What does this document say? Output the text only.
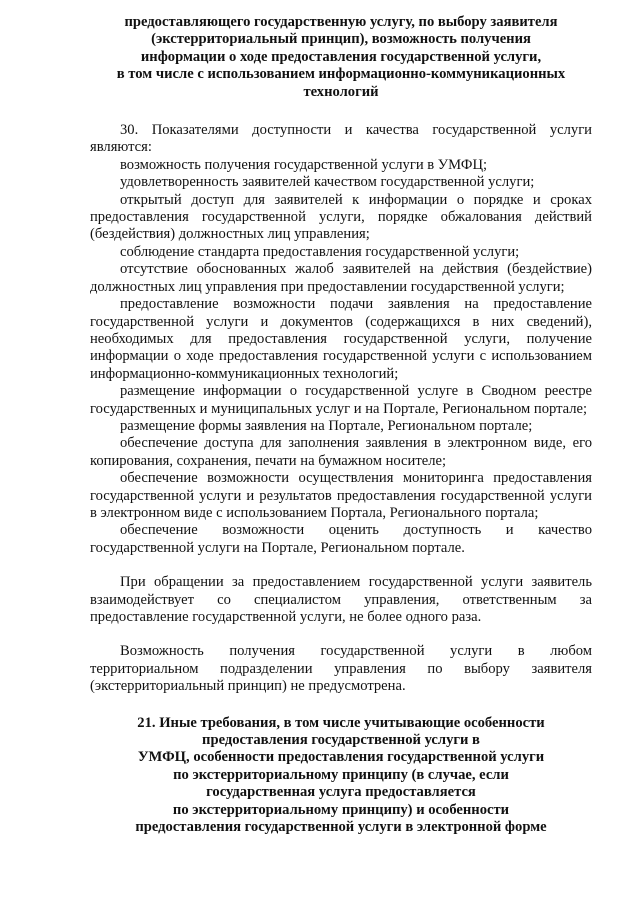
предоставляющего государственную услугу, по выбору заявителя
(экстерриториальный принцип), возможность получения
информации о ходе предоставления государственной услуги,
в том числе с использованием информационно-коммуникационных
технологий

30. Показателями доступности и качества государственной услуги являются:

возможность получения государственной услуги в УМФЦ;

удовлетворенность заявителей качеством государственной услуги;

открытый доступ для заявителей к информации о порядке и сроках предоставления государственной услуги, порядке обжалования действий (бездействия) должностных лиц управления;

соблюдение стандарта предоставления государственной услуги;

отсутствие обоснованных жалоб заявителей на действия (бездействие) должностных лиц управления при предоставлении государственной услуги;

предоставление возможности подачи заявления на предоставление государственной услуги и документов (содержащихся в них сведений), необходимых для предоставления государственной услуги, получение информации о ходе предоставления государственной услуги с использованием информационно-коммуникационных технологий;

размещение информации о государственной услуге в Сводном реестре государственных и муниципальных услуг и на Портале, Региональном портале;

размещение формы заявления на Портале, Региональном портале;

обеспечение доступа для заполнения заявления в электронном виде, его копирования, сохранения, печати на бумажном носителе;

обеспечение возможности осуществления мониторинга предоставления государственной услуги и результатов предоставления государственной услуги в электронном виде с использованием Портала, Регионального портала;

обеспечение возможности оценить доступность и качество государственной услуги на Портале, Региональном портале.

При обращении за предоставлением государственной услуги заявитель взаимодействует со специалистом управления, ответственным за предоставление государственной услуги, не более одного раза.

Возможность получения государственной услуги в любом территориальном подразделении управления по выбору заявителя (экстерриториальный принцип) не предусмотрена.

21. Иные требования, в том числе учитывающие особенности
предоставления государственной услуги в
УМФЦ, особенности предоставления государственной услуги
по экстерриториальному принципу (в случае, если
государственная услуга предоставляется
по экстерриториальному принципу) и особенности
предоставления государственной услуги в электронной форме
